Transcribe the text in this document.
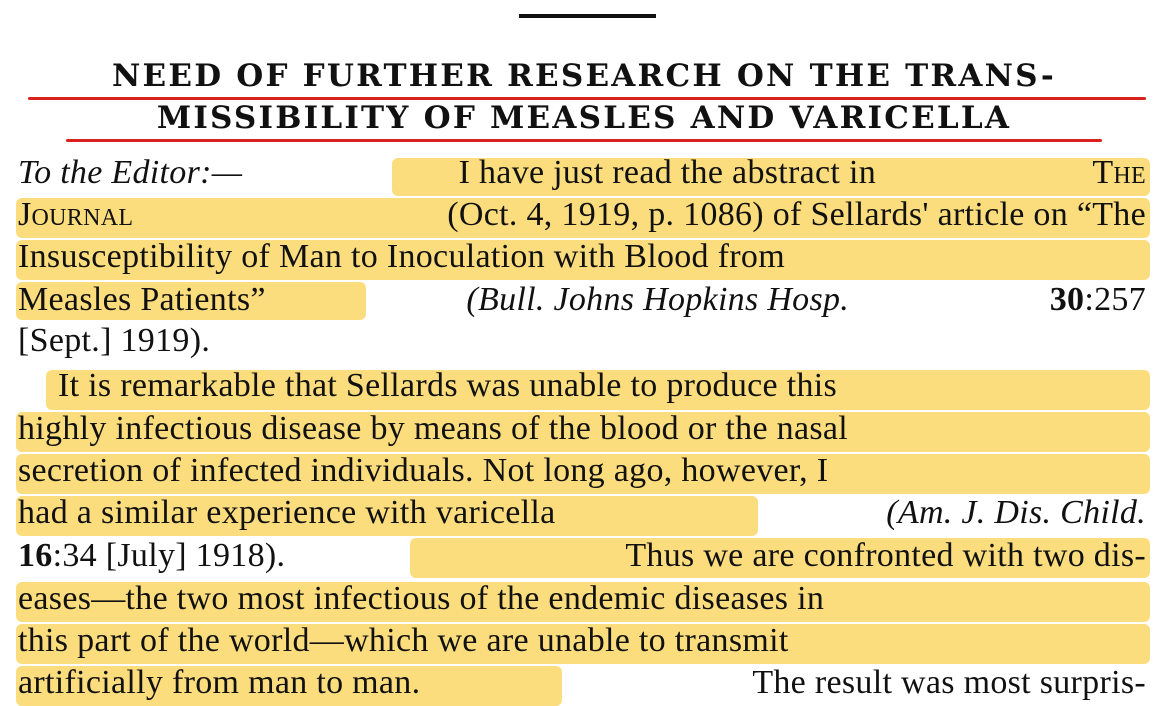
NEED OF FURTHER RESEARCH ON THE TRANS-
MISSIBILITY OF MEASLES AND VARICELLA
To the Editor:—	I have just read the abstract in	The
Journal	(Oct. 4, 1919, p. 1086) of Sellards' article on “The
Insusceptibility of Man to Inoculation with Blood from
Measles Patients”	(Bull. Johns Hopkins Hosp.	30:257
[Sept.] 1919).
It is remarkable that Sellards was unable to produce this
highly infectious disease by means of the blood or the nasal
secretion of infected individuals. Not long ago, however, I
had a similar experience with varicella	(Am. J. Dis. Child.
16:34 [July] 1918).	Thus we are confronted with two dis-
eases—the two most infectious of the endemic diseases in
this part of the world—which we are unable to transmit
artificially from man to man.	The result was most surpris-
